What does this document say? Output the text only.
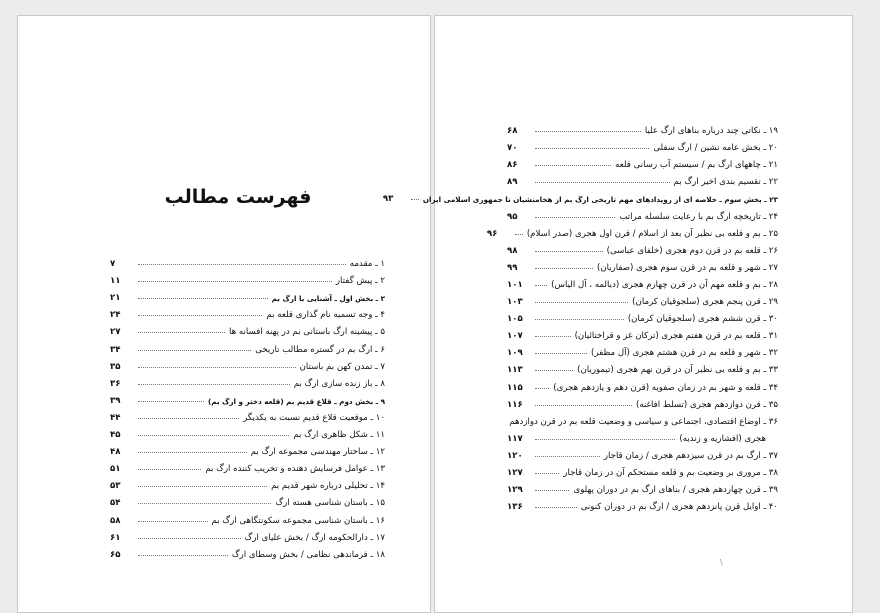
فهرست مطالب
۱ ـ مقدمه
۷
۲ ـ پیش گفتار
۱۱
۳ ـ بخش اول ـ آشنایی با ارگ بم
۲۱
۴ ـ وجه تسمیه نام گذاری قلعه بم
۲۴
۵ ـ پیشینه ارگ باستانی بم در پهنه افسانه ها
۲۷
۶ ـ ارگ بم در گستره مطالب تاریخی
۳۴
۷ ـ تمدن کهن بم باستان
۳۵
۸ ـ باز زنده سازی ارگ بم
۳۶
۹ ـ بخش دوم ـ قلاع قدیم بم (قلعه دختر و ارگ بم)
۳۹
۱۰ ـ موقعیت قلاع قدیم نسبت به یکدیگر
۴۴
۱۱ ـ شکل ظاهری ارگ بم
۴۵
۱۲ ـ ساختار مهندسی مجموعه ارگ بم
۴۸
۱۳ ـ عوامل فرسایش دهنده و تخریب کننده ارگ بم
۵۱
۱۴ ـ تحلیلی درباره شهر قدیم بم
۵۳
۱۵ ـ باستان شناسی هسته ارگ
۵۴
۱۶ ـ باستان شناسی مجموعه سکونتگاهی ارگ بم
۵۸
۱۷ ـ دارالحکومه ارگ / بخش علیای ارگ
۶۱
۱۸ ـ فرماندهی نظامی / بخش وسطای ارگ
۶۵
۱۹ ـ نکاتی چند درباره بناهای ارگ علیا
۶۸
۲۰ ـ بخش عامه نشین / ارگ سفلی
۷۰
۲۱ ـ چاههای ارگ بم / سیستم آب رسانی قلعه
۸۶
۲۲ ـ تقسیم بندی اخیر ارگ بم
۸۹
۲۳ ـ بخش سوم ـ خلاصه ای از رویدادهای مهم تاریخی ارگ بم از هخامنشیان تا جمهوری اسلامی ایران
۹۳
۲۴ ـ تاریخچه ارگ بم با رعایت سلسله مراتب
۹۵
۲۵ ـ بم و قلعه بی نظیر آن بعد از اسلام / قرن اول هجری (صدر اسلام)
۹۶
۲۶ ـ قلعه بم در قرن دوم هجری (خلفای عباسی)
۹۸
۲۷ ـ شهر و قلعه بم در قرن سوم هجری (صفاریان)
۹۹
۲۸ ـ بم و قلعه مهم آن در قرن چهارم هجری (دیالمه ، آل الیاس)
۱۰۱
۲۹ ـ قرن پنجم هجری (سلجوقیان کرمان)
۱۰۳
۳۰ ـ قرن ششم هجری (سلجوقیان کرمان)
۱۰۵
۳۱ ـ قلعه بم در قرن هفتم هجری (ترکان غز و قراختائیان)
۱۰۷
۳۲ ـ شهر و قلعه بم در قرن هشتم هجری (آل مظفر)
۱۰۹
۳۳ ـ بم و قلعه بی نظیر آن در قرن نهم هجری (تیموریان)
۱۱۳
۳۴ ـ قلعه و شهر بم در زمان صفویه (قرن دهم و یازدهم هجری)
۱۱۵
۳۵ ـ قرن دوازدهم هجری (تسلط افاغنه)
۱۱۶
۳۶ ـ اوضاع اقتصادی، اجتماعی و سیاسی و وضعیت قلعه بم در قرن دوازدهم
هجری (افشاریه و زندیه)
۱۱۷
۳۷ ـ ارگ بم در قرن سیزدهم هجری / زمان قاجار
۱۲۰
۳۸ ـ مروری بر وضعیت بم و قلعه مستحکم آن در زمان قاجار
۱۲۷
۳۹ ـ قرن چهاردهم هجری / بناهای ارگ بم در دوران پهلوی
۱۲۹
۴۰ ـ اوایل قرن پانزدهم هجری / ارگ بم در دوران کنونی
۱۳۶
\
